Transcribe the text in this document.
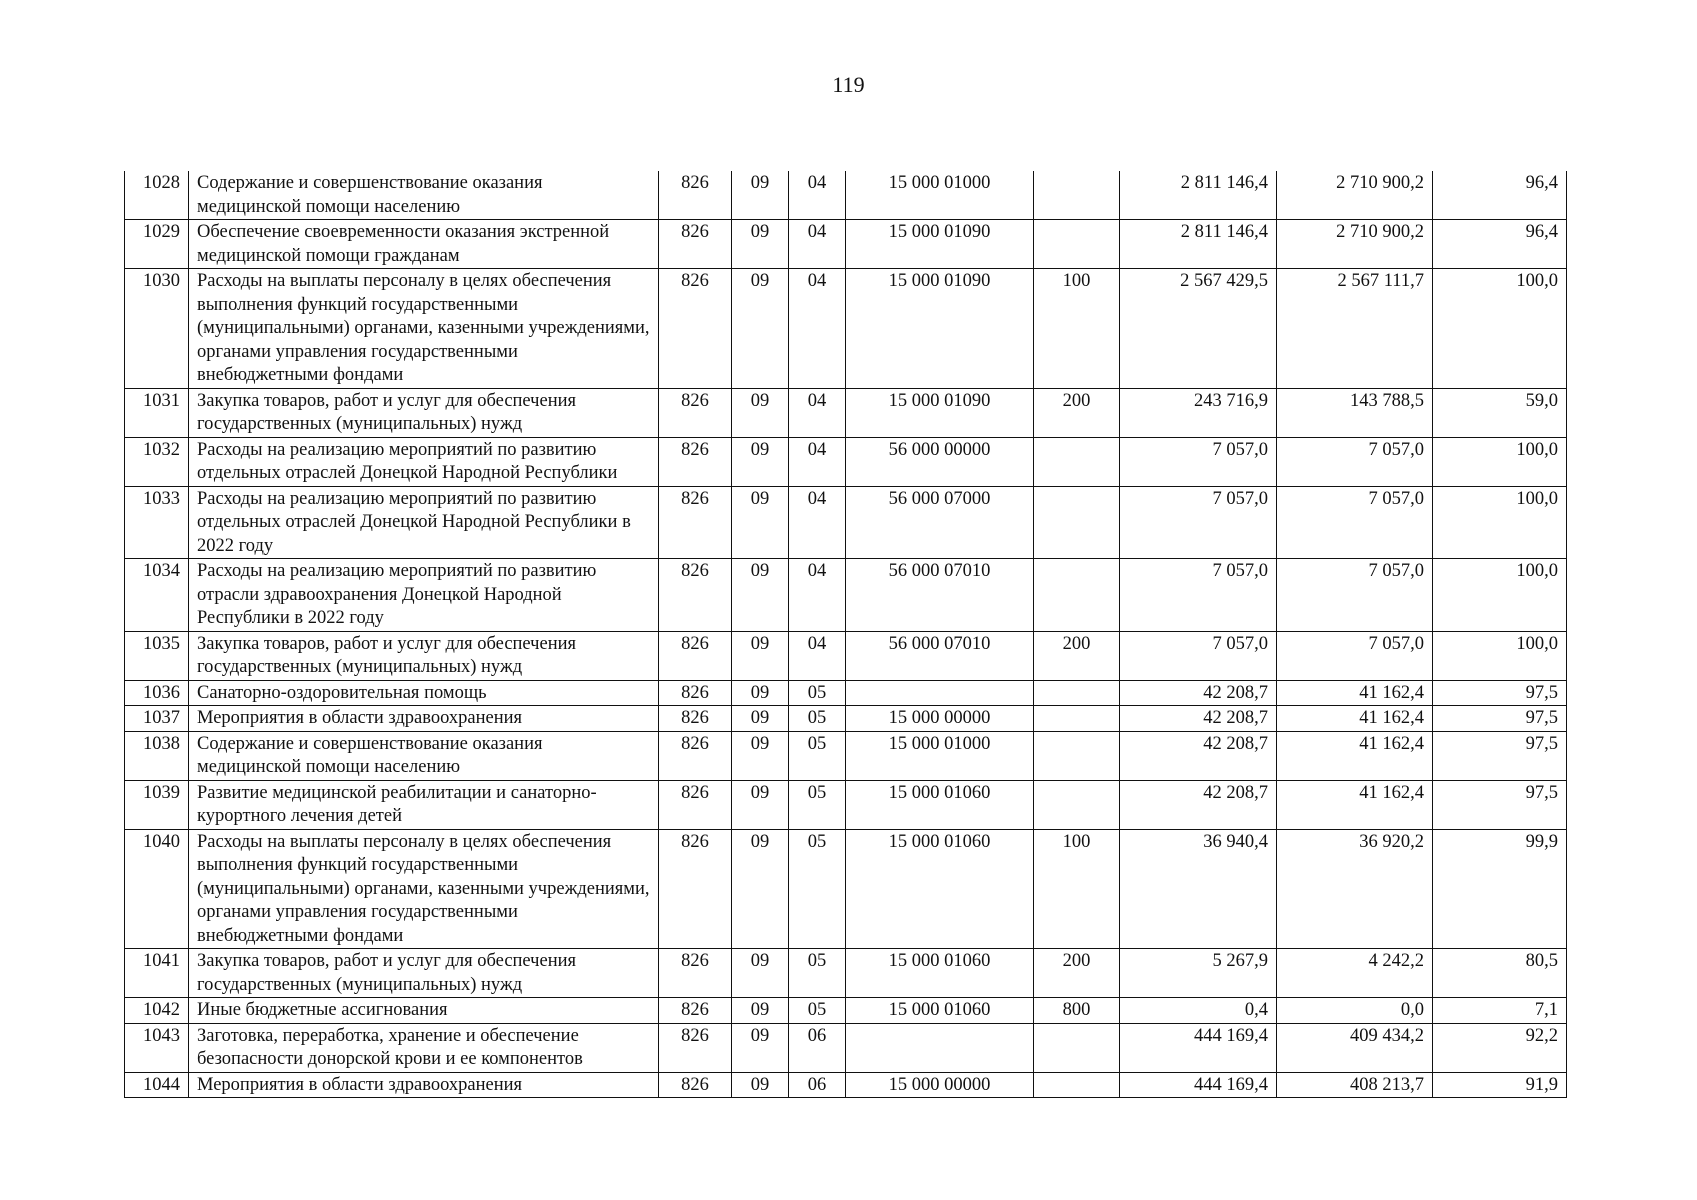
119
1028	Содержание и совершенствование оказания медицинской помощи населению	826	09	04	15 000 01000		2 811 146,4	2 710 900,2	96,4
1029	Обеспечение своевременности оказания экстренной медицинской помощи гражданам	826	09	04	15 000 01090		2 811 146,4	2 710 900,2	96,4
1030	Расходы на выплаты персоналу в целях обеспечения выполнения функций государственными (муниципальными) органами, казенными учреждениями, органами управления государственными внебюджетными фондами	826	09	04	15 000 01090	100	2 567 429,5	2 567 111,7	100,0
1031	Закупка товаров, работ и услуг для обеспечения государственных (муниципальных) нужд	826	09	04	15 000 01090	200	243 716,9	143 788,5	59,0
1032	Расходы на реализацию мероприятий по развитию отдельных отраслей Донецкой Народной Республики	826	09	04	56 000 00000		7 057,0	7 057,0	100,0
1033	Расходы на реализацию мероприятий по развитию отдельных отраслей Донецкой Народной Республики в 2022 году	826	09	04	56 000 07000		7 057,0	7 057,0	100,0
1034	Расходы на реализацию мероприятий по развитию отрасли здравоохранения Донецкой Народной Республики в 2022 году	826	09	04	56 000 07010		7 057,0	7 057,0	100,0
1035	Закупка товаров, работ и услуг для обеспечения государственных (муниципальных) нужд	826	09	04	56 000 07010	200	7 057,0	7 057,0	100,0
1036	Санаторно-оздоровительная помощь	826	09	05			42 208,7	41 162,4	97,5
1037	Мероприятия в области здравоохранения	826	09	05	15 000 00000		42 208,7	41 162,4	97,5
1038	Содержание и совершенствование оказания медицинской помощи населению	826	09	05	15 000 01000		42 208,7	41 162,4	97,5
1039	Развитие медицинской реабилитации и санаторно-курортного лечения детей	826	09	05	15 000 01060		42 208,7	41 162,4	97,5
1040	Расходы на выплаты персоналу в целях обеспечения выполнения функций государственными (муниципальными) органами, казенными учреждениями, органами управления государственными внебюджетными фондами	826	09	05	15 000 01060	100	36 940,4	36 920,2	99,9
1041	Закупка товаров, работ и услуг для обеспечения государственных (муниципальных) нужд	826	09	05	15 000 01060	200	5 267,9	4 242,2	80,5
1042	Иные бюджетные ассигнования	826	09	05	15 000 01060	800	0,4	0,0	7,1
1043	Заготовка, переработка, хранение и обеспечение безопасности донорской крови и ее компонентов	826	09	06			444 169,4	409 434,2	92,2
1044	Мероприятия в области здравоохранения	826	09	06	15 000 00000		444 169,4	408 213,7	91,9
